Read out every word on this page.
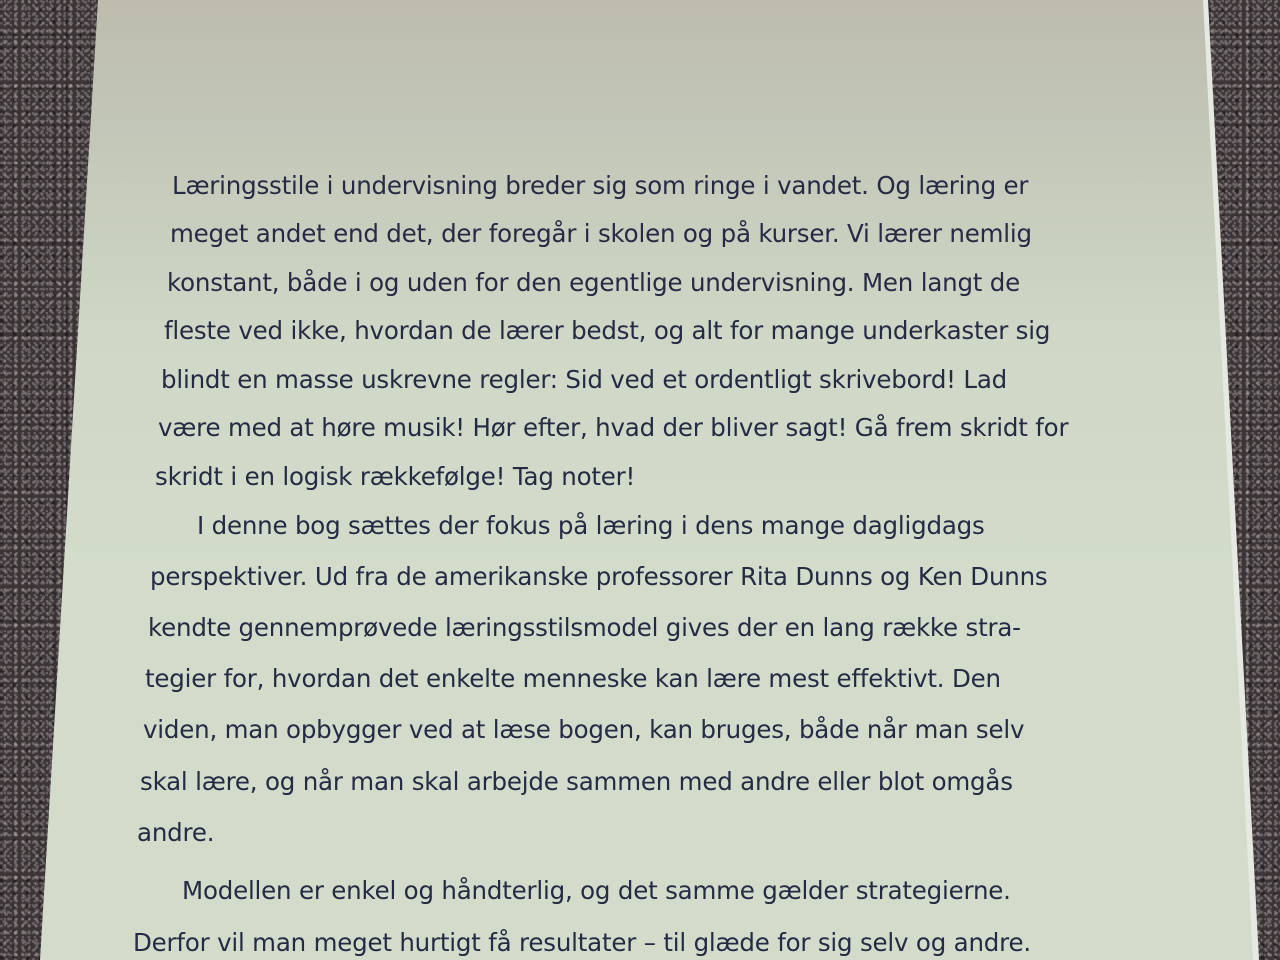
Læringsstile i undervisning breder sig som ringe i vandet. Og læring er
meget andet end det, der foregår i skolen og på kurser. Vi lærer nemlig
konstant, både i og uden for den egentlige undervisning. Men langt de
fleste ved ikke, hvordan de lærer bedst, og alt for mange underkaster sig
blindt en masse uskrevne regler: Sid ved et ordentligt skrivebord! Lad
være med at høre musik! Hør efter, hvad der bliver sagt! Gå frem skridt for
skridt i en logisk rækkefølge! Tag noter!
I denne bog sættes der fokus på læring i dens mange dagligdags
perspektiver. Ud fra de amerikanske professorer Rita Dunns og Ken Dunns
kendte gennemprøvede læringsstilsmodel gives der en lang række stra-
tegier for, hvordan det enkelte menneske kan lære mest effektivt. Den
viden, man opbygger ved at læse bogen, kan bruges, både når man selv
skal lære, og når man skal arbejde sammen med andre eller blot omgås
andre.
Modellen er enkel og håndterlig, og det samme gælder strategierne.
Derfor vil man meget hurtigt få resultater – til glæde for sig selv og andre.
